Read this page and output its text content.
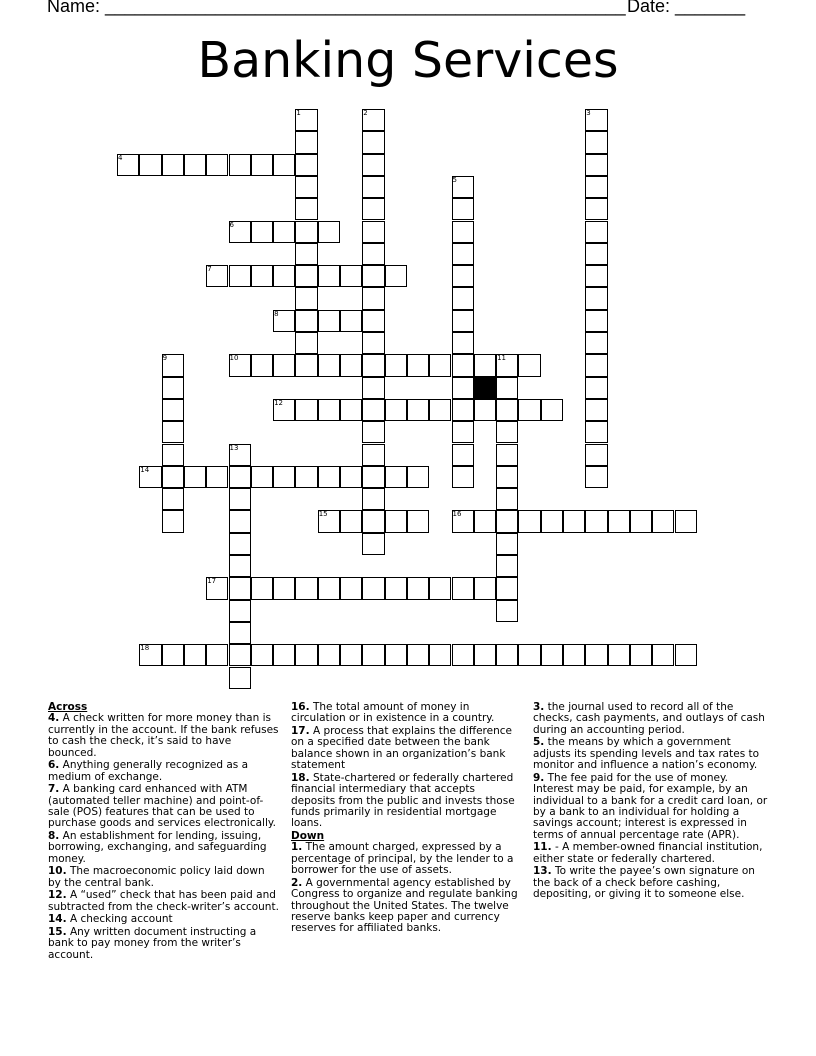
Name: ____________________________________________________ Date: _______
Banking Services
1	2	3
4
5
6
7
8
9	10	11
12
13
14
15	16
17
18

Across

4. A check written for more money than is currently in the account. If the bank refuses to cash the check, it’s said to have bounced.

6. Anything generally recognized as a medium of exchange.

7. A banking card enhanced with ATM (automated teller machine) and point-of-sale (POS) features that can be used to purchase goods and services electronically.

8. An establishment for lending, issuing, borrowing, exchanging, and safeguarding money.

10. The macroeconomic policy laid down by the central bank.

12. A “used” check that has been paid and subtracted from the check-writer’s account.

14. A checking account

15. Any written document instructing a bank to pay money from the writer’s account.

16. The total amount of money in circulation or in existence in a country.

17. A process that explains the difference on a specified date between the bank balance shown in an organization’s bank statement

18. State-chartered or federally chartered financial intermediary that accepts deposits from the public and invests those funds primarily in residential mortgage loans.

Down

1. The amount charged, expressed by a percentage of principal, by the lender to a borrower for the use of assets.

2. A governmental agency established by Congress to organize and regulate banking throughout the United States. The twelve reserve banks keep paper and currency reserves for affiliated banks.

3. the journal used to record all of the checks, cash payments, and outlays of cash during an accounting period.

5. the means by which a government adjusts its spending levels and tax rates to monitor and influence a nation’s economy.

9. The fee paid for the use of money. Interest may be paid, for example, by an individual to a bank for a credit card loan, or by a bank to an individual for holding a savings account; interest is expressed in terms of annual percentage rate (APR).

11. - A member-owned financial institution, either state or federally chartered.

13. To write the payee’s own signature on the back of a check before cashing, depositing, or giving it to someone else.
